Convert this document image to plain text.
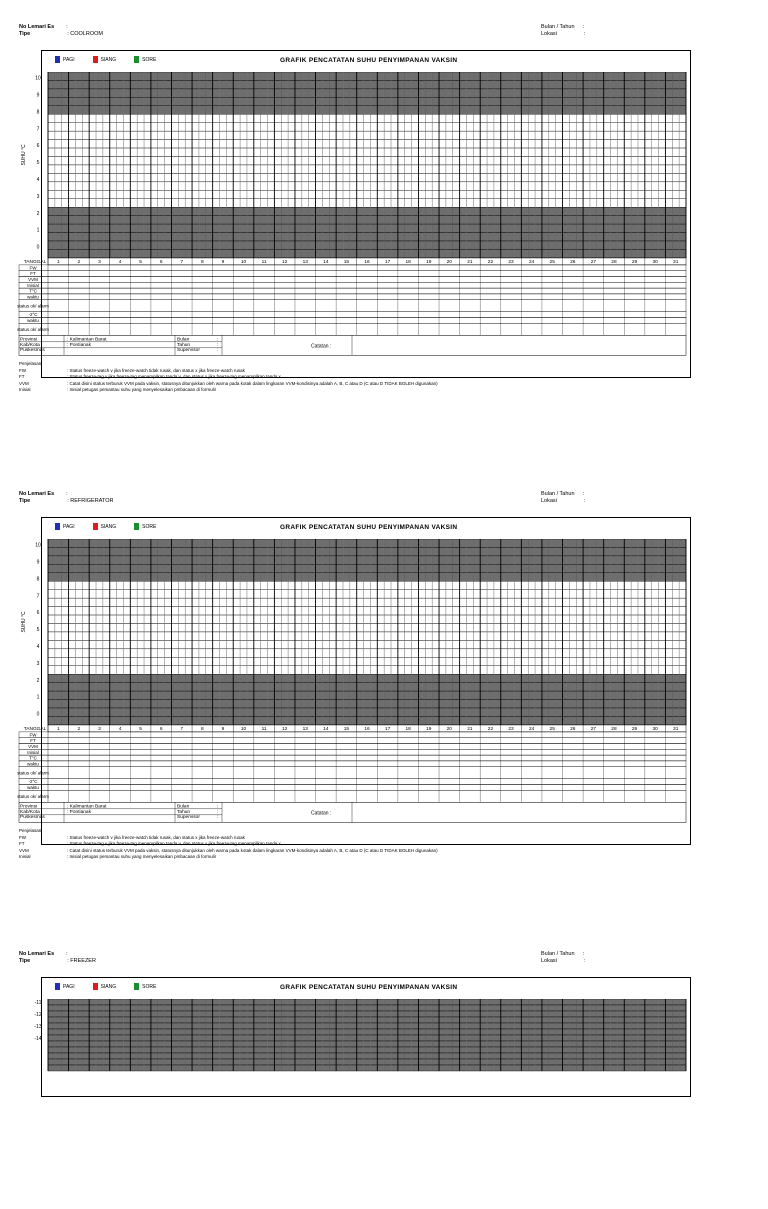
No Lemari Es :
Tipe	: COOLROOM
Bulan / Tahun :
Lokasi	:
PAGI	SIANG	SORE	GRAFIK PENCATATAN SUHU PENYIMPANAN VAKSIN
10
9
8
7
6
5
4
3
2
1
0
SUHU °C
TANGGAL 1	2	3	4	5	6	7	8	9	10	11	12	13	14	15	16	17	18	19	20	21	22	23	24	25	26	27	28	29	30	31
FW
FT
VVM
Inisial
T°C
waktu
status ok/ alarm
-2°C
waktu
status ok/ alarm
Provinsi	: Kalimantan Barat
Kab/Kota	: Pontianak
Puskesmas
Bulan	:
Tahun	:
Supervisor	:
Catatan :
Penjelasan
FW	: Status freeze-watch v jika freeze-watch tidak rusak, dan status x jika freeze-watch rusak
FT	: Status freeze-tag v jika freeze-tag menampilkan tanda v, dan status x jika freeze-tag menampilkan tanda x
VVM	: Catat disini status terburuk VVM pada vaksin, statusnya ditunjukkan oleh warna pada kotak dalam lingkaran VVM-kondisinya adalah A, B, C atau D (C atau D TIDAK BOLEH digunakan)
Inisial	: Inisial petugas pemantau suhu yang menyelesaikan pmbacaan di formulir
No Lemari Es :
Tipe	: REFRIGERATOR
Bulan / Tahun :
Lokasi	:
PAGI	SIANG	SORE	GRAFIK PENCATATAN SUHU PENYIMPANAN VAKSIN
10
9
8
7
6
5
4
3
2
1
0
SUHU °C
TANGGAL 1	2	3	4	5	6	7	8	9	10	11	12	13	14	15	16	17	18	19	20	21	22	23	24	25	26	27	28	29	30	31
FW
FT
VVM
Inisial
T°C
waktu
status ok/ alarm
-2°C
waktu
status ok/ alarm
Provinsi	: Kalimantan Barat
Kab/Kota	: Pontianak
Puskesmas
Bulan	:
Tahun	:
Supervisor	:
Catatan :
Penjelasan
FW	: Status freeze-watch v jika freeze-watch tidak rusak, dan status x jika freeze-watch rusak
FT	: Status freeze-tag v jika freeze-tag menampilkan tanda v, dan status x jika freeze-tag menampilkan tanda x
VVM	: Catat disini status terburuk VVM pada vaksin, statusnya ditunjukkan oleh warna pada kotak dalam lingkaran VVM-kondisinya adalah A, B, C atau D (C atau D TIDAK BOLEH digunakan)
Inisial	: Inisial petugas pemantau suhu yang menyelesaikan pmbacaan di formulir
No Lemari Es :
Tipe	: FREEZER
Bulan / Tahun :
Lokasi	:
PAGI	SIANG	SORE	GRAFIK PENCATATAN SUHU PENYIMPANAN VAKSIN
-11
-12
-13
-14
